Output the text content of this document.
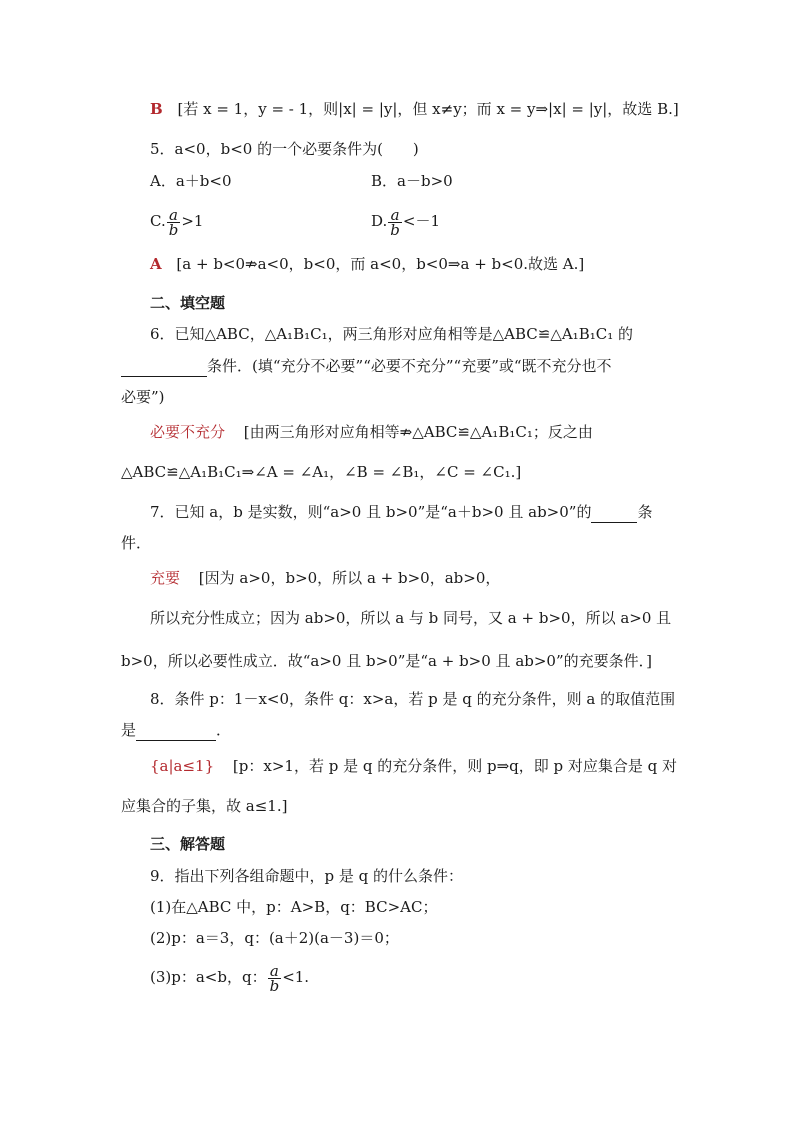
B [若 x = 1，y = - 1，则|x| = |y|，但 x≠y；而 x = y⇒|x| = |y|，故选 B.]
5．a<0，b<0 的一个必要条件为(　　)
A．a＋b<0	B．a－b>0
C. $\frac{a}{b} >1$	D. $\frac{a}{b} <-1$
A [a + b<0⇏a<0，b<0，而 a<0，b<0⇒a + b<0.故选 A.]
二、填空题
6．已知△ABC，△A₁B₁C₁，两三角形对应角相等是△ABC≌△A₁B₁C₁ 的
条件．(填“充分不必要”“必要不充分”“充要”或“既不充分也不
必要”)
必要不充分 [由两三角形对应角相等⇏△ABC≌△A₁B₁C₁；反之由
△ABC≌△A₁B₁C₁⇒∠A = ∠A₁，∠B = ∠B₁，∠C = ∠C₁.]
7．已知 a，b 是实数，则“a>0 且 b>0”是“a＋b>0 且 ab>0”的	条
件．
充要 [因为 a>0，b>0，所以 a + b>0，ab>0，
所以充分性成立；因为 ab>0，所以 a 与 b 同号，又 a + b>0，所以 a>0 且
b>0，所以必要性成立．故“a>0 且 b>0”是“a + b>0 且 ab>0”的充要条件．]
8．条件 p：1－x<0，条件 q：x>a，若 p 是 q 的充分条件，则 a 的取值范围
是	．
{a|a≤1} [p：x>1，若 p 是 q 的充分条件，则 p⇒q，即 p 对应集合是 q 对
应集合的子集，故 a≤1.]
三、解答题
9．指出下列各组命题中，p 是 q 的什么条件：
(1)在△ABC 中，p：A>B，q：BC>AC；
(2)p：a＝3，q：(a＋2)(a－3)＝0；
(3)p：a<b，q： $\frac{a}{b} <1$.
